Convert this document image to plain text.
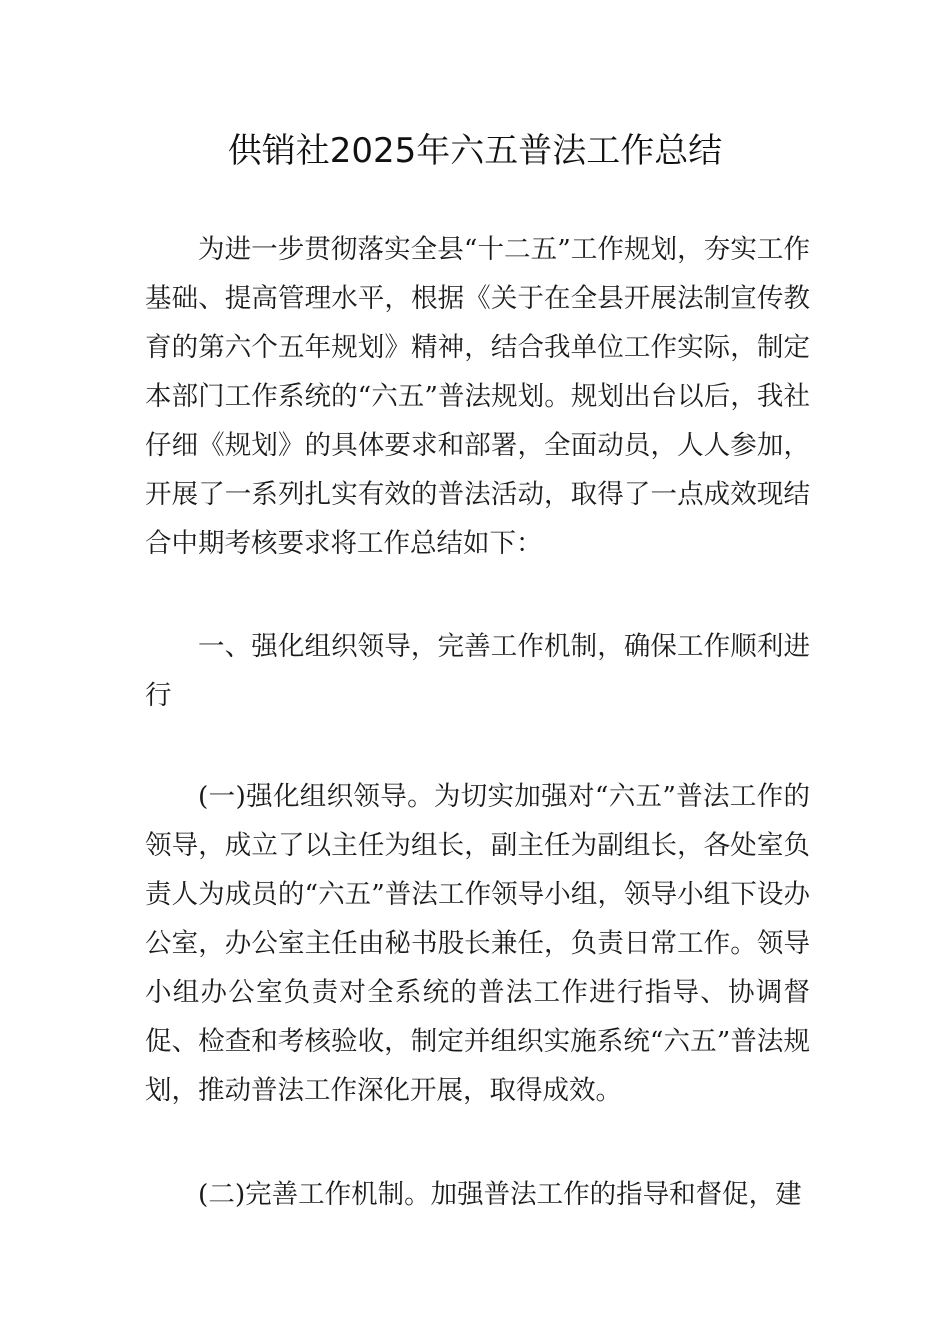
供销社2025年六五普法工作总结

为进一步贯彻落实全县“十二五”工作规划，夯实工作基础、提高管理水平，根据《关于在全县开展法制宣传教育的第六个五年规划》精神，结合我单位工作实际，制定本部门工作系统的“六五”普法规划。规划出台以后，我社仔细《规划》的具体要求和部署，全面动员，人人参加，开展了一系列扎实有效的普法活动，取得了一点成效现结合中期考核要求将工作总结如下：

一、强化组织领导，完善工作机制，确保工作顺利进行

(一)强化组织领导。为切实加强对“六五”普法工作的领导，成立了以主任为组长，副主任为副组长，各处室负责人为成员的“六五”普法工作领导小组，领导小组下设办公室，办公室主任由秘书股长兼任，负责日常工作。领导小组办公室负责对全系统的普法工作进行指导、协调督促、检查和考核验收，制定并组织实施系统“六五”普法规划，推动普法工作深化开展，取得成效。

(二)完善工作机制。加强普法工作的指导和督促，建
